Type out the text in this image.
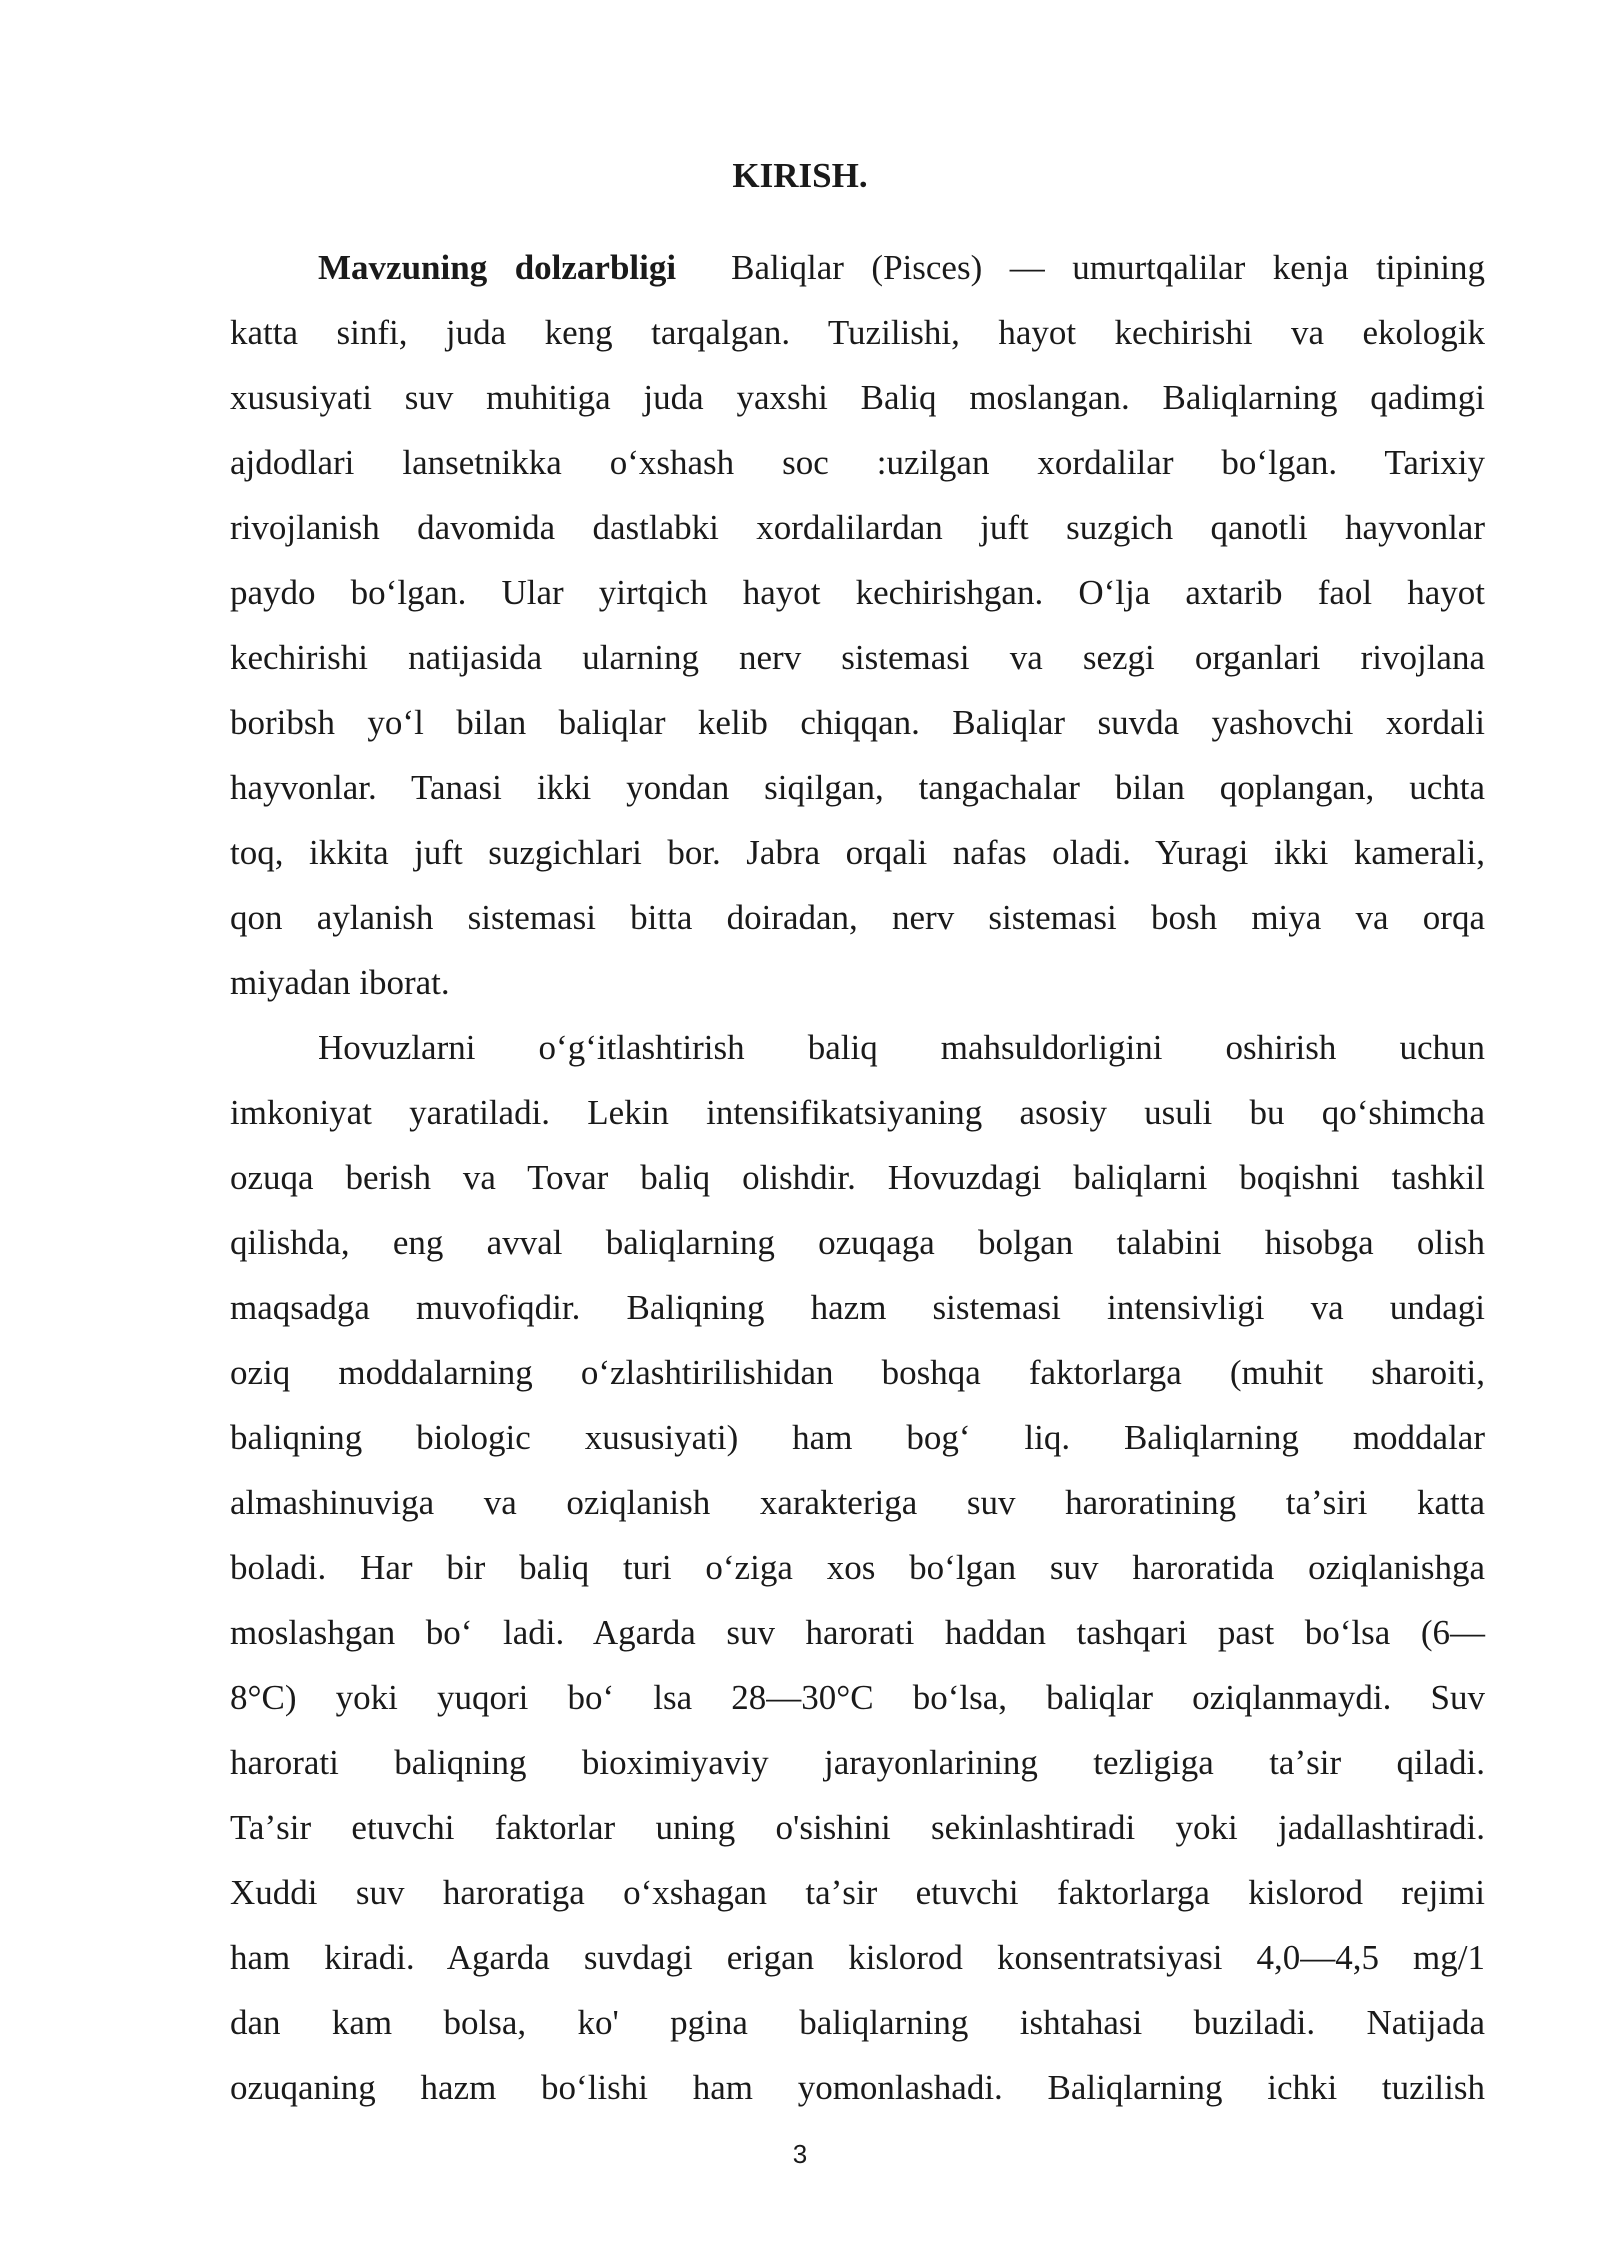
KIRISH.
Mavzuning dolzarbligi Baliqlar (Pisces) — umurtqalilar kenja tipining
katta sinfi, juda keng tarqalgan. Tuzilishi, hayot kechirishi va ekologik
xususiyati suv muhitiga juda yaxshi Baliq moslangan. Baliqlarning qadimgi
ajdodlari lansetnikka oʻxshash soc :uzilgan xordalilar boʻlgan. Tarixiy
rivojlanish davomida dastlabki xordalilardan juft suzgich qanotli hayvonlar
paydo boʻlgan. Ular yirtqich hayot kechirishgan. Oʻlja axtarib faol hayot
kechirishi natijasida ularning nerv sistemasi va sezgi organlari rivojlana
boribsh yoʻl bilan baliqlar kelib chiqqan. Baliqlar suvda yashovchi xordali
hayvonlar. Tanasi ikki yondan siqilgan, tangachalar bilan qoplangan, uchta
toq, ikkita juft suzgichlari bor. Jabra orqali nafas oladi. Yuragi ikki kamerali,
qon aylanish sistemasi bitta doiradan, nerv sistemasi bosh miya va orqa
miyadan iborat.
Hovuzlarni oʻgʻitlashtirish baliq mahsuldorligini oshirish uchun
imkoniyat yaratiladi. Lekin intensifikatsiyaning asosiy usuli bu qoʻshimcha
ozuqa berish va Tovar baliq olishdir. Hovuzdagi baliqlarni boqishni tashkil
qilishda, eng avval baliqlarning ozuqaga bolgan talabini hisobga olish
maqsadga muvofiqdir. Baliqning hazm sistemasi intensivligi va undagi
oziq moddalarning oʻzlashtirilishidan boshqa faktorlarga (muhit sharoiti,
baliqning biologic xususiyati) ham bogʻ liq. Baliqlarning moddalar
almashinuviga va oziqlanish xarakteriga suv haroratining taʼsiri katta
boladi. Har bir baliq turi oʻziga xos boʻlgan suv haroratida oziqlanishga
moslashgan boʻ ladi. Agarda suv harorati haddan tashqari past boʻlsa (6—
8°C) yoki yuqori boʻ lsa 28—30°C boʻlsa, baliqlar oziqlanmaydi. Suv
harorati baliqning bioximiyaviy jarayonlarining tezligiga taʼsir qiladi.
Taʼsir etuvchi faktorlar uning o'sishini sekinlashtiradi yoki jadallashtiradi.
Xuddi suv haroratiga oʻxshagan taʼsir etuvchi faktorlarga kislorod rejimi
ham kiradi. Agarda suvdagi erigan kislorod konsentratsiyasi 4,0—4,5 mg/1
dan kam bolsa, ko' pgina baliqlarning ishtahasi buziladi. Natijada
ozuqaning hazm boʻlishi ham yomonlashadi. Baliqlarning ichki tuzilish
3
